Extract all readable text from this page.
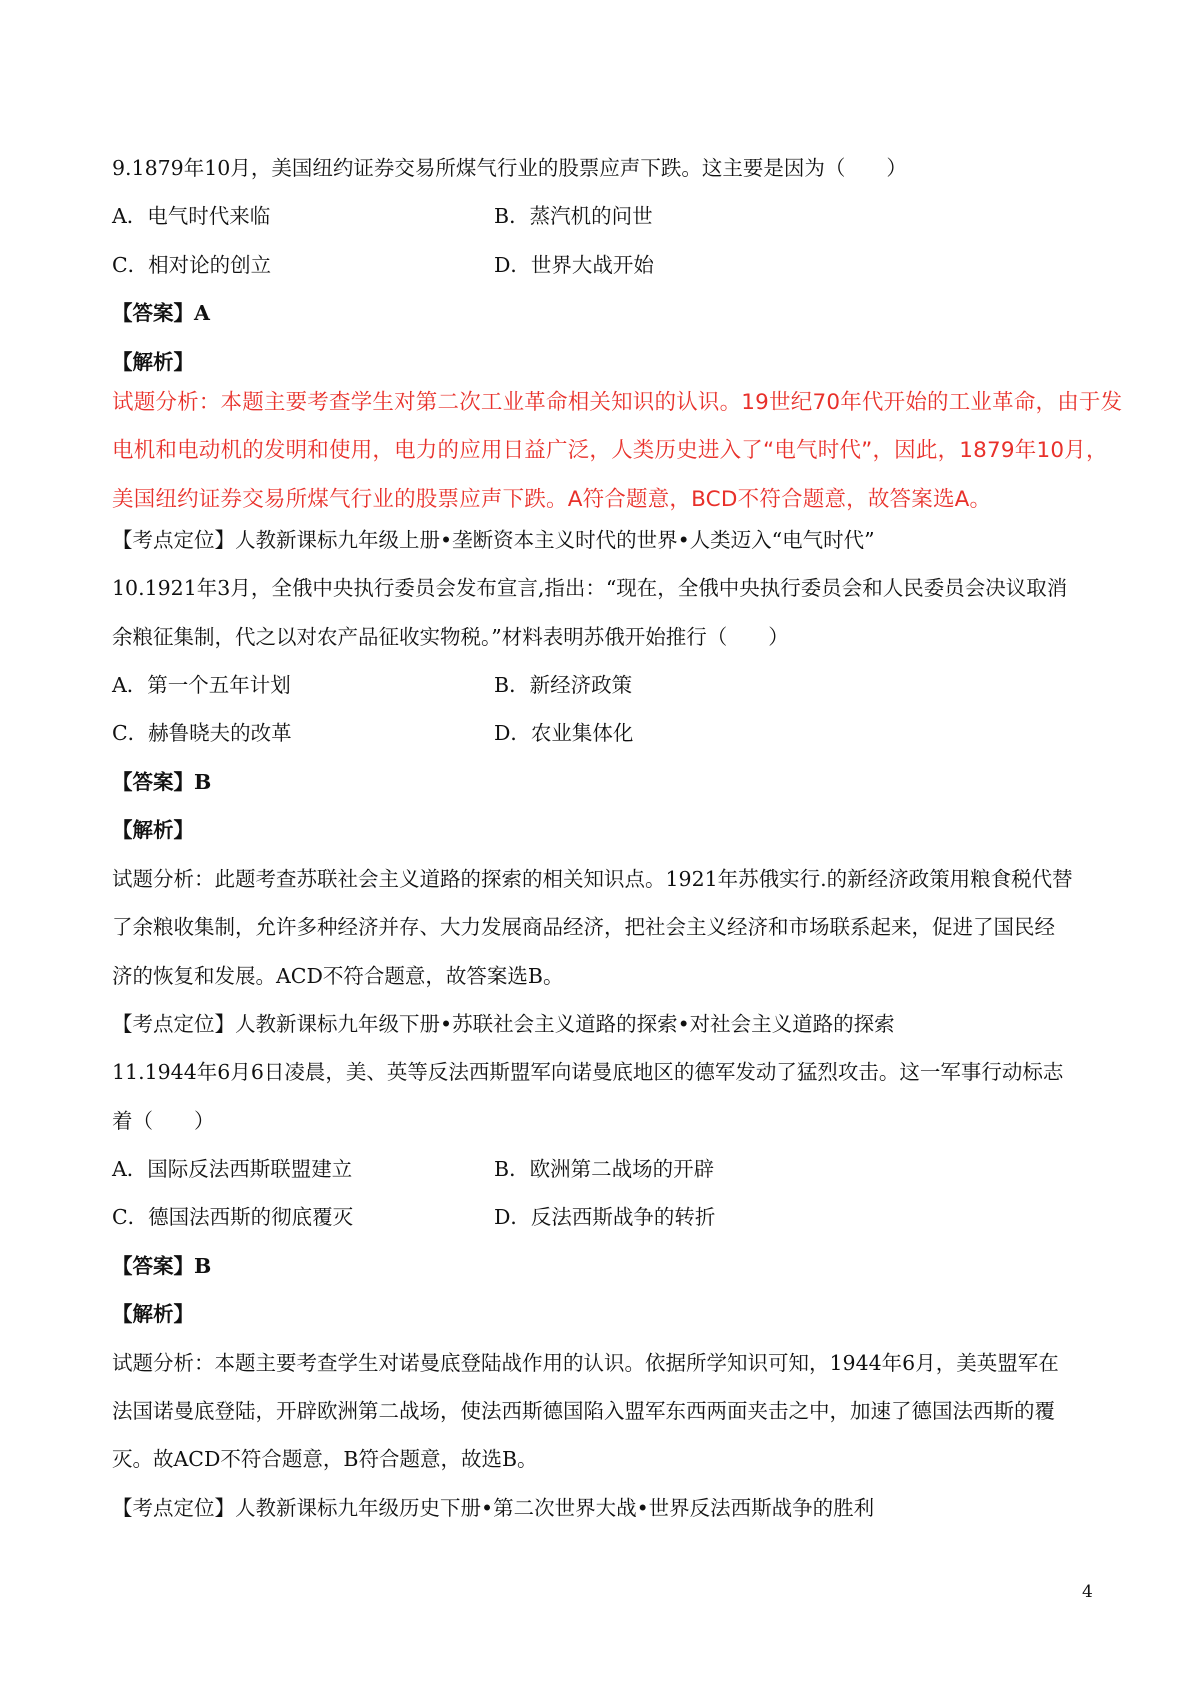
9.1879年10月，美国纽约证券交易所煤气行业的股票应声下跌。这主要是因为（　　）
A．电气时代来临	B．蒸汽机的问世
C．相对论的创立	D．世界大战开始
【答案】A
【解析】
试题分析：本题主要考查学生对第二次工业革命相关知识的认识。19世纪70年代开始的工业革命，由于发
电机和电动机的发明和使用，电力的应用日益广泛，人类历史进入了“电气时代”，因此，1879年10月，
美国纽约证券交易所煤气行业的股票应声下跌。A符合题意，BCD不符合题意，故答案选A。
【考点定位】人教新课标九年级上册•垄断资本主义时代的世界•人类迈入“电气时代”
10.1921年3月，全俄中央执行委员会发布宣言,指出：“现在，全俄中央执行委员会和人民委员会决议取消
余粮征集制，代之以对农产品征收实物税。”材料表明苏俄开始推行（　　）
A．第一个五年计划	B．新经济政策
C．赫鲁晓夫的改革	D．农业集体化
【答案】B
【解析】
试题分析：此题考查苏联社会主义道路的探索的相关知识点。1921年苏俄实行.的新经济政策用粮食税代替
了余粮收集制，允许多种经济并存、大力发展商品经济，把社会主义经济和市场联系起来，促进了国民经
济的恢复和发展。ACD不符合题意，故答案选B。
【考点定位】人教新课标九年级下册•苏联社会主义道路的探索•对社会主义道路的探索
11.1944年6月6日凌晨，美、英等反法西斯盟军向诺曼底地区的德军发动了猛烈攻击。这一军事行动标志
着（　　）
A．国际反法西斯联盟建立	B．欧洲第二战场的开辟
C．德国法西斯的彻底覆灭	D．反法西斯战争的转折
【答案】B
【解析】
试题分析：本题主要考查学生对诺曼底登陆战作用的认识。依据所学知识可知，1944年6月，美英盟军在
法国诺曼底登陆，开辟欧洲第二战场，使法西斯德国陷入盟军东西两面夹击之中，加速了德国法西斯的覆
灭。故ACD不符合题意，B符合题意，故选B。
【考点定位】人教新课标九年级历史下册•第二次世界大战•世界反法西斯战争的胜利
4
